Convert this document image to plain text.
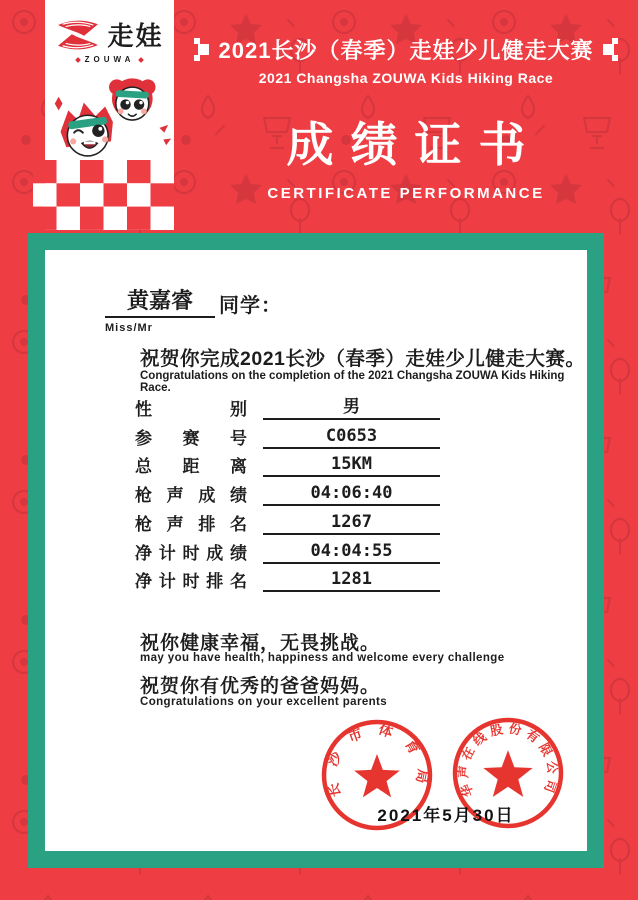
走娃
ZOUWA	2021长沙（春季）走娃少儿健走大赛
2021 Changsha ZOUWA Kids Hiking Race
成绩证书
CERTIFICATE PERFORMANCE
长沙市体育局 华声在线股份有限公司
黄嘉睿	同学：
Miss/Mr
祝贺你完成2021长沙（春季）走娃少儿健走大赛。
Congratulations on the completion of the 2021 Changsha ZOUWA Kids Hiking Race.
性别	男
参赛号	C0653
总距离	15KM
枪声成绩	04:06:40
枪声排名	1267
净计时成绩	04:04:55
净计时排名	1281
祝你健康幸福，无畏挑战。
may you have health, happiness and welcome every challenge
祝贺你有优秀的爸爸妈妈。
Congratulations on your excellent parents
2021年5月30日
